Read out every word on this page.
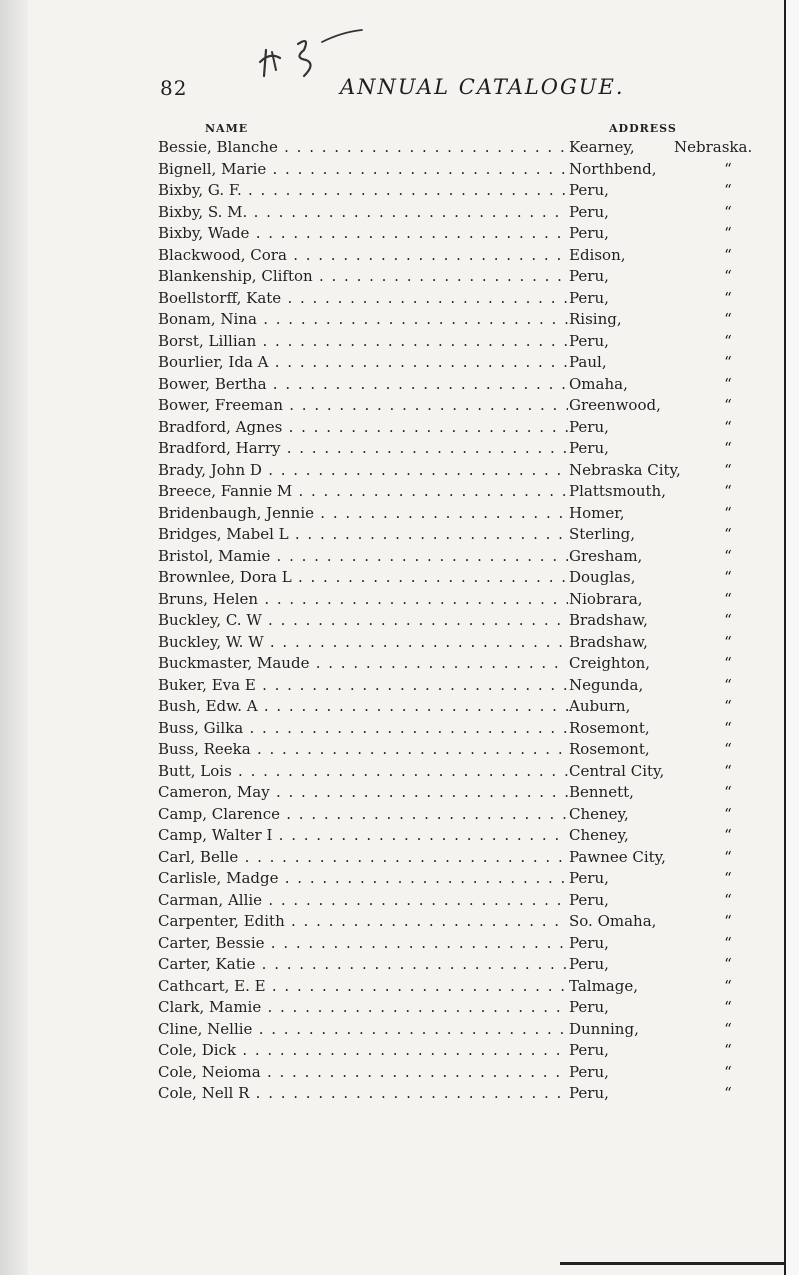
82	ANNUAL CATALOGUE.
NAME	ADDRESS
Bessie, Blanche . . .	Kearney,	Nebraska.
Bignell, Marie . . .	Northbend,	“
Bixby, G. F. . . .	Peru,	“
Bixby, S. M. . . .	Peru,	“
Bixby, Wade . . .	Peru,	“
Blackwood, Cora . . .	Edison,	“
Blankenship, Clifton . . .	Peru,	“
Boellstorff, Kate . . .	Peru,	“
Bonam, Nina . . .	Rising,	“
Borst, Lillian . . .	Peru,	“
Bourlier, Ida A . . .	Paul,	“
Bower, Bertha . . .	Omaha,	“
Bower, Freeman . . .	Greenwood,	“
Bradford, Agnes . . .	Peru,	“
Bradford, Harry . . .	Peru,	“
Brady, John D . . .	Nebraska City,	“
Breece, Fannie M . . .	Plattsmouth,	“
Bridenbaugh, Jennie . . .	Homer,	“
Bridges, Mabel L . . .	Sterling,	“
Bristol, Mamie . . .	Gresham,	“
Brownlee, Dora L . . .	Douglas,	“
Bruns, Helen . . .	Niobrara,	“
Buckley, C. W . . .	Bradshaw,	“
Buckley, W. W . . .	Bradshaw,	“
Buckmaster, Maude . . .	Creighton,	“
Buker, Eva E . . .	Negunda,	“
Bush, Edw. A . . .	Auburn,	“
Buss, Gilka . . .	Rosemont,	“
Buss, Reeka . . .	Rosemont,	“
Butt, Lois . . .	Central City,	“
Cameron, May . . .	Bennett,	“
Camp, Clarence . . .	Cheney,	“
Camp, Walter I . . .	Cheney,	“
Carl, Belle . . .	Pawnee City,	“
Carlisle, Madge . . .	Peru,	“
Carman, Allie . . .	Peru,	“
Carpenter, Edith . . .	So. Omaha,	“
Carter, Bessie . . .	Peru,	“
Carter, Katie . . .	Peru,	“
Cathcart, E. E . . .	Talmage,	“
Clark, Mamie . . .	Peru,	“
Cline, Nellie . . .	Dunning,	“
Cole, Dick . . .	Peru,	“
Cole, Neioma . . .	Peru,	“
Cole, Nell R . . .	Peru,	“
